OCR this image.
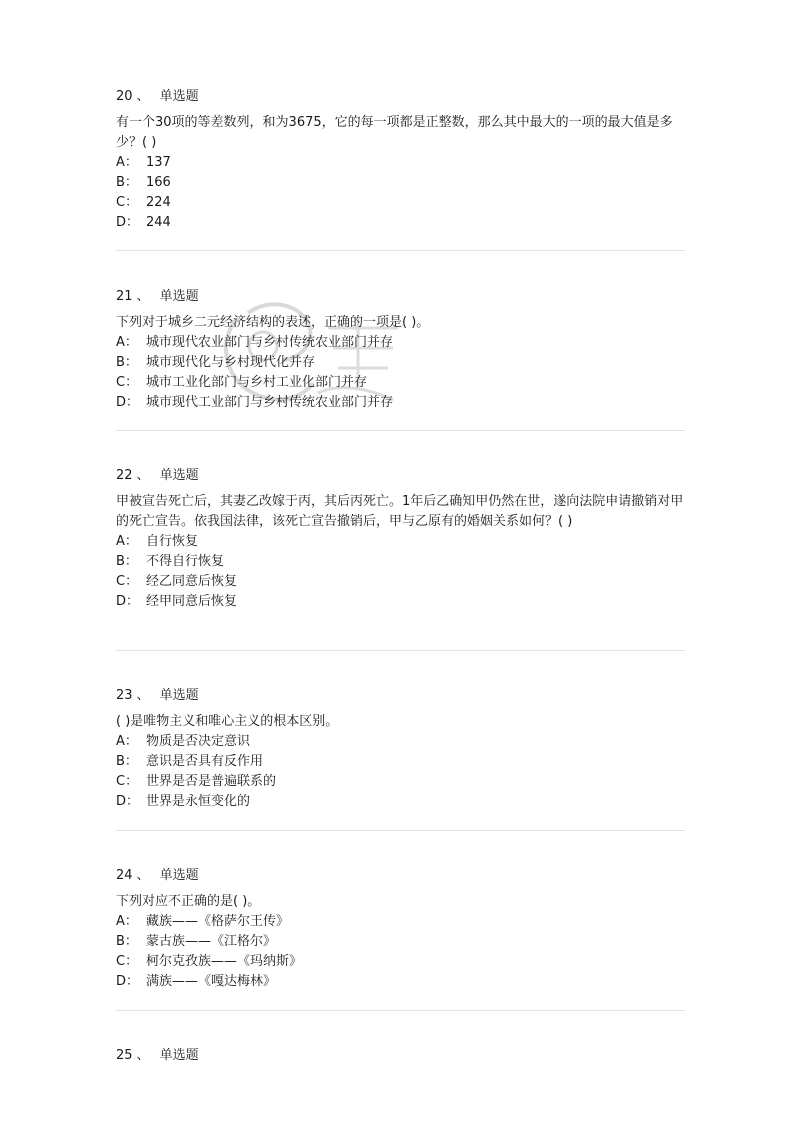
20 、 单选题
有一个30项的等差数列，和为3675，它的每一项都是正整数，那么其中最大的一项的最大值是多少？( )
A： 137
B： 166
C： 224
D： 244
21 、 单选题
下列对于城乡二元经济结构的表述，正确的一项是( )。
A： 城市现代农业部门与乡村传统农业部门并存
B： 城市现代化与乡村现代化并存
C： 城市工业化部门与乡村工业化部门并存
D： 城市现代工业部门与乡村传统农业部门并存
22 、 单选题
甲被宣告死亡后，其妻乙改嫁于丙，其后丙死亡。1年后乙确知甲仍然在世，遂向法院申请撤销对甲的死亡宣告。依我国法律，该死亡宣告撤销后，甲与乙原有的婚姻关系如何？( )
A： 自行恢复
B： 不得自行恢复
C： 经乙同意后恢复
D： 经甲同意后恢复
23 、 单选题
( )是唯物主义和唯心主义的根本区别。
A： 物质是否决定意识
B： 意识是否具有反作用
C： 世界是否是普遍联系的
D： 世界是永恒变化的
24 、 单选题
下列对应不正确的是( )。
A： 藏族——《格萨尔王传》
B： 蒙古族——《江格尔》
C： 柯尔克孜族——《玛纳斯》
D： 满族——《嘎达梅林》
25 、 单选题
